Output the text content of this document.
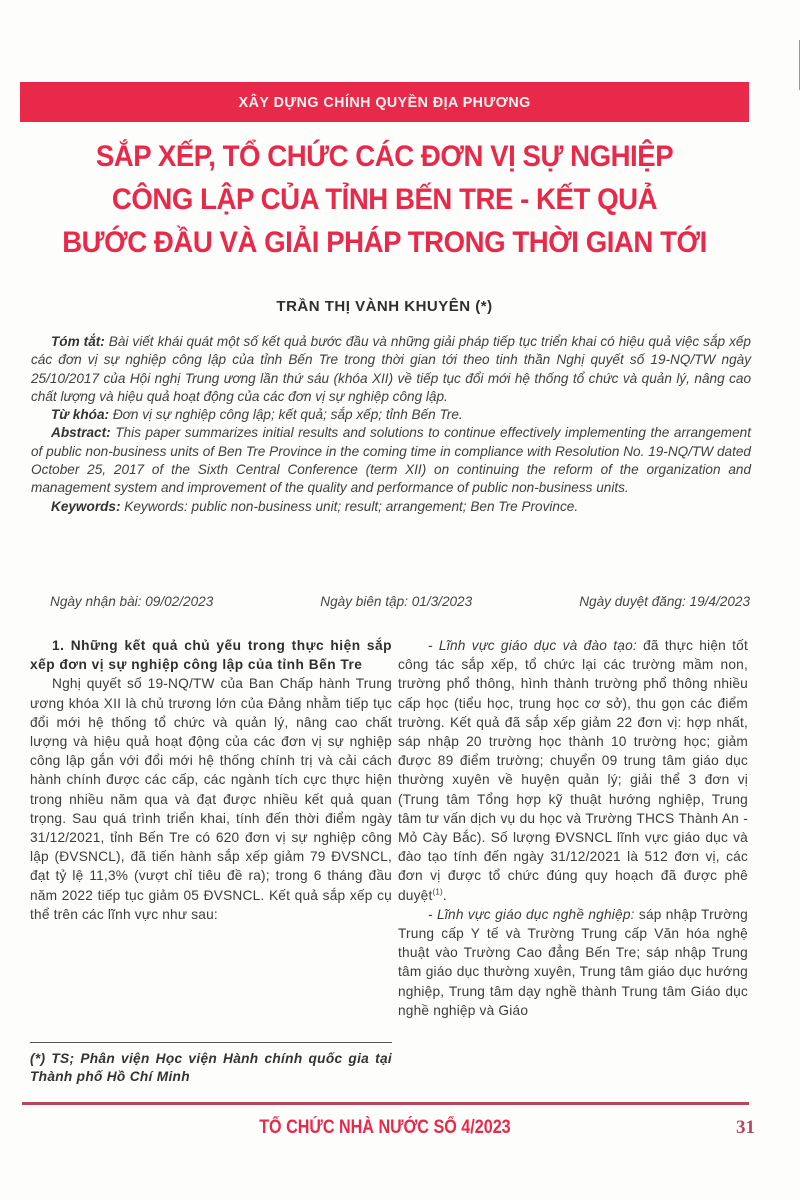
XÂY DỰNG CHÍNH QUYỀN ĐỊA PHƯƠNG
SẮP XẾP, TỔ CHỨC CÁC ĐƠN VỊ SỰ NGHIỆP
CÔNG LẬP CỦA TỈNH BẾN TRE - KẾT QUẢ
BƯỚC ĐẦU VÀ GIẢI PHÁP TRONG THỜI GIAN TỚI
TRẦN THỊ VÀNH KHUYÊN (*)

Tóm tắt: Bài viết khái quát một số kết quả bước đầu và những giải pháp tiếp tục triển khai có hiệu quả việc sắp xếp các đơn vị sự nghiệp công lập của tỉnh Bến Tre trong thời gian tới theo tinh thần Nghị quyết số 19-NQ/TW ngày 25/10/2017 của Hội nghị Trung ương lần thứ sáu (khóa XII) về tiếp tục đổi mới hệ thống tổ chức và quản lý, nâng cao chất lượng và hiệu quả hoạt động của các đơn vị sự nghiệp công lập.

Từ khóa: Đơn vị sự nghiệp công lập; kết quả; sắp xếp; tỉnh Bến Tre.

Abstract: This paper summarizes initial results and solutions to continue effectively implementing the arrangement of public non-business units of Ben Tre Province in the coming time in compliance with Resolution No. 19-NQ/TW dated October 25, 2017 of the Sixth Central Conference (term XII) on continuing the reform of the organization and management system and improvement of the quality and performance of public non-business units.

Keywords: Keywords: public non-business unit; result; arrangement; Ben Tre Province.

Ngày nhận bài: 09/02/2023	Ngày biên tập: 01/3/2023	Ngày duyệt đăng: 19/4/2023
1. Những kết quả chủ yếu trong thực hiện sắp xếp đơn vị sự nghiệp công lập của tỉnh Bến Tre

Nghị quyết số 19-NQ/TW của Ban Chấp hành Trung ương khóa XII là chủ trương lớn của Đảng nhằm tiếp tục đổi mới hệ thống tổ chức và quản lý, nâng cao chất lượng và hiệu quả hoạt động của các đơn vị sự nghiệp công lập gắn với đổi mới hệ thống chính trị và cải cách hành chính được các cấp, các ngành tích cực thực hiện trong nhiều năm qua và đạt được nhiều kết quả quan trọng. Sau quá trình triển khai, tính đến thời điểm ngày 31/12/2021, tỉnh Bến Tre có 620 đơn vị sự nghiệp công lập (ĐVSNCL), đã tiến hành sắp xếp giảm 79 ĐVSNCL, đạt tỷ lệ 11,3% (vượt chỉ tiêu đề ra); trong 6 tháng đầu năm 2022 tiếp tục giảm 05 ĐVSNCL. Kết quả sắp xếp cụ thể trên các lĩnh vực như sau:

(*) TS; Phân viện Học viện Hành chính quốc gia tại Thành phố Hồ Chí Minh

- Lĩnh vực giáo dục và đào tạo: đã thực hiện tốt công tác sắp xếp, tổ chức lại các trường mầm non, trường phổ thông, hình thành trường phổ thông nhiều cấp học (tiểu học, trung học cơ sở), thu gọn các điểm trường. Kết quả đã sắp xếp giảm 22 đơn vị: hợp nhất, sáp nhập 20 trường học thành 10 trường học; giảm được 89 điểm trường; chuyển 09 trung tâm giáo dục thường xuyên về huyện quản lý; giải thể 3 đơn vị (Trung tâm Tổng hợp kỹ thuật hướng nghiệp, Trung tâm tư vấn dịch vụ du học và Trường THCS Thành An - Mỏ Cày Bắc). Số lượng ĐVSNCL lĩnh vực giáo dục và đào tạo tính đến ngày 31/12/2021 là 512 đơn vị, các đơn vị được tổ chức đúng quy hoạch đã được phê duyệt$^{(1)}$.

- Lĩnh vực giáo dục nghề nghiệp: sáp nhập Trường Trung cấp Y tế và Trường Trung cấp Văn hóa nghệ thuật vào Trường Cao đẳng Bến Tre; sáp nhập Trung tâm giáo dục thường xuyên, Trung tâm giáo dục hướng nghiệp, Trung tâm dạy nghề thành Trung tâm Giáo dục nghề nghiệp và Giáo

TỔ CHỨC NHÀ NƯỚC SỐ 4/2023	31
